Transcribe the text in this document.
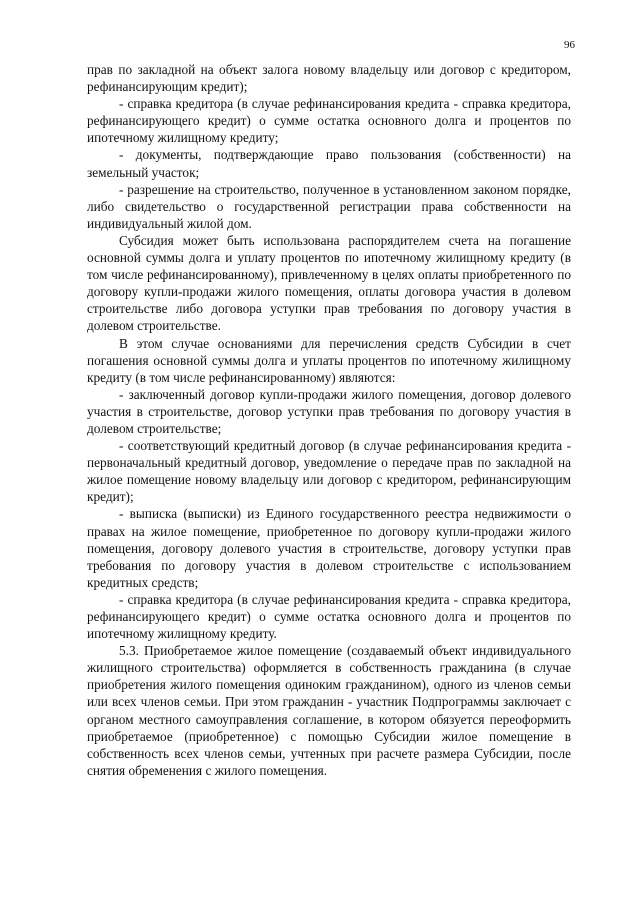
96

прав по закладной на объект залога новому владельцу или договор с кредитором, рефинансирующим кредит);

- справка кредитора (в случае рефинансирования кредита - справка кредитора, рефинансирующего кредит) о сумме остатка основного долга и процентов по ипотечному жилищному кредиту;

- документы, подтверждающие право пользования (собственности) на земельный участок;

- разрешение на строительство, полученное в установленном законом порядке, либо свидетельство о государственной регистрации права собственности на индивидуальный жилой дом.

Субсидия может быть использована распорядителем счета на погашение основной суммы долга и уплату процентов по ипотечному жилищному кредиту (в том числе рефинансированному), привлеченному в целях оплаты приобретенного по договору купли-продажи жилого помещения, оплаты договора участия в долевом строительстве либо договора уступки прав требования по договору участия в долевом строительстве.

В этом случае основаниями для перечисления средств Субсидии в счет погашения основной суммы долга и уплаты процентов по ипотечному жилищному кредиту (в том числе рефинансированному) являются:

- заключенный договор купли-продажи жилого помещения, договор долевого участия в строительстве, договор уступки прав требования по договору участия в долевом строительстве;

- соответствующий кредитный договор (в случае рефинансирования кредита - первоначальный кредитный договор, уведомление о передаче прав по закладной на жилое помещение новому владельцу или договор с кредитором, рефинансирующим кредит);

- выписка (выписки) из Единого государственного реестра недвижимости о правах на жилое помещение, приобретенное по договору купли-продажи жилого помещения, договору долевого участия в строительстве, договору уступки прав требования по договору участия в долевом строительстве с использованием кредитных средств;

- справка кредитора (в случае рефинансирования кредита - справка кредитора, рефинансирующего кредит) о сумме остатка основного долга и процентов по ипотечному жилищному кредиту.

5.3. Приобретаемое жилое помещение (создаваемый объект индивидуального жилищного строительства) оформляется в собственность гражданина (в случае приобретения жилого помещения одиноким гражданином), одного из членов семьи или всех членов семьи. При этом гражданин - участник Подпрограммы заключает с органом местного самоуправления соглашение, в котором обязуется переоформить приобретаемое (приобретенное) с помощью Субсидии жилое помещение в собственность всех членов семьи, учтенных при расчете размера Субсидии, после снятия обременения с жилого помещения.
